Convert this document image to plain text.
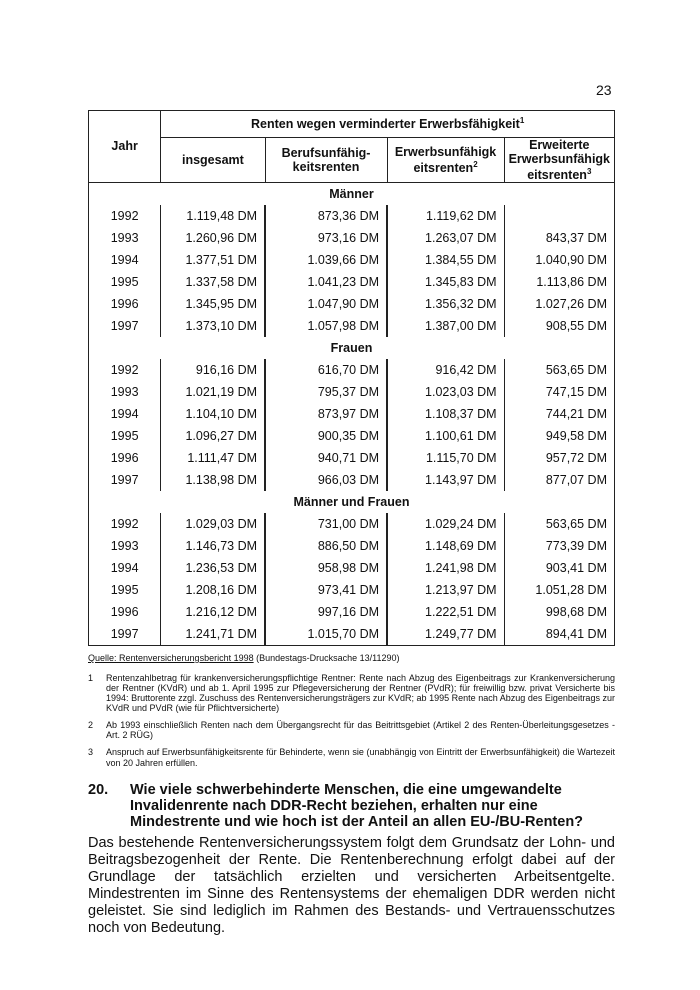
23
Jahr	Renten wegen verminderter Erwerbsfähigkeit$^1$
	insgesamt	Berufsunfähig-keitsrenten	Erwerbsunfähigk eitsrenten$^2$	Erweiterte Erwerbsunfähigk eitsrenten$^3$
Männer				
1992	1.119,48 DM	873,36 DM	1.119,62 DM	
1993	1.260,96 DM	973,16 DM	1.263,07 DM	843,37 DM
1994	1.377,51 DM	1.039,66 DM	1.384,55 DM	1.040,90 DM
1995	1.337,58 DM	1.041,23 DM	1.345,83 DM	1.113,86 DM
1996	1.345,95 DM	1.047,90 DM	1.356,32 DM	1.027,26 DM
1997	1.373,10 DM	1.057,98 DM	1.387,00 DM	908,55 DM
Frauen				
1992	916,16 DM	616,70 DM	916,42 DM	563,65 DM
1993	1.021,19 DM	795,37 DM	1.023,03 DM	747,15 DM
1994	1.104,10 DM	873,97 DM	1.108,37 DM	744,21 DM
1995	1.096,27 DM	900,35 DM	1.100,61 DM	949,58 DM
1996	1.111,47 DM	940,71 DM	1.115,70 DM	957,72 DM
1997	1.138,98 DM	966,03 DM	1.143,97 DM	877,07 DM
Männer und Frauen				
1992	1.029,03 DM	731,00 DM	1.029,24 DM	563,65 DM
1993	1.146,73 DM	886,50 DM	1.148,69 DM	773,39 DM
1994	1.236,53 DM	958,98 DM	1.241,98 DM	903,41 DM
1995	1.208,16 DM	973,41 DM	1.213,97 DM	1.051,28 DM
1996	1.216,12 DM	997,16 DM	1.222,51 DM	998,68 DM
1997	1.241,71 DM	1.015,70 DM	1.249,77 DM	894,41 DM
Quelle: Rentenversicherungsbericht 1998 (Bundestags-Drucksache 13/11290)
1	Rentenzahlbetrag für krankenversicherungspflichtige Rentner: Rente nach Abzug des Eigenbeitrags zur Krankenversicherung der Rentner (KVdR) und ab 1. April 1995 zur Pflegeversicherung der Rentner (PVdR); für freiwillig bzw. privat Versicherte bis 1994: Bruttorente zzgl. Zuschuss des Rentenversicherungsträgers zur KVdR; ab 1995 Rente nach Abzug des Eigenbeitrags zur KVdR und PVdR (wie für Pflichtversicherte)
2	Ab 1993 einschließlich Renten nach dem Übergangsrecht für das Beitrittsgebiet (Artikel 2 des Renten-Überleitungsgesetzes -Art. 2 RÜG)
3	Anspruch auf Erwerbsunfähigkeitsrente für Behinderte, wenn sie (unabhängig von Eintritt der Erwerbsunfähigkeit) die Wartezeit von 20 Jahren erfüllen.
20.	Wie viele schwerbehinderte Menschen, die eine umgewandelte Invalidenrente nach DDR-Recht beziehen, erhalten nur eine Mindestrente und wie hoch ist der Anteil an allen EU-/BU-Renten?
Das bestehende Rentenversicherungssystem folgt dem Grundsatz der Lohn- und Beitragsbezogenheit der Rente. Die Rentenberechnung erfolgt dabei auf der Grundlage der tatsächlich erzielten und versicherten Arbeitsentgelte. Mindestrenten im Sinne des Rentensystems der ehemaligen DDR werden nicht geleistet. Sie sind lediglich im Rahmen des Bestands- und Vertrauensschutzes noch von Bedeutung.
